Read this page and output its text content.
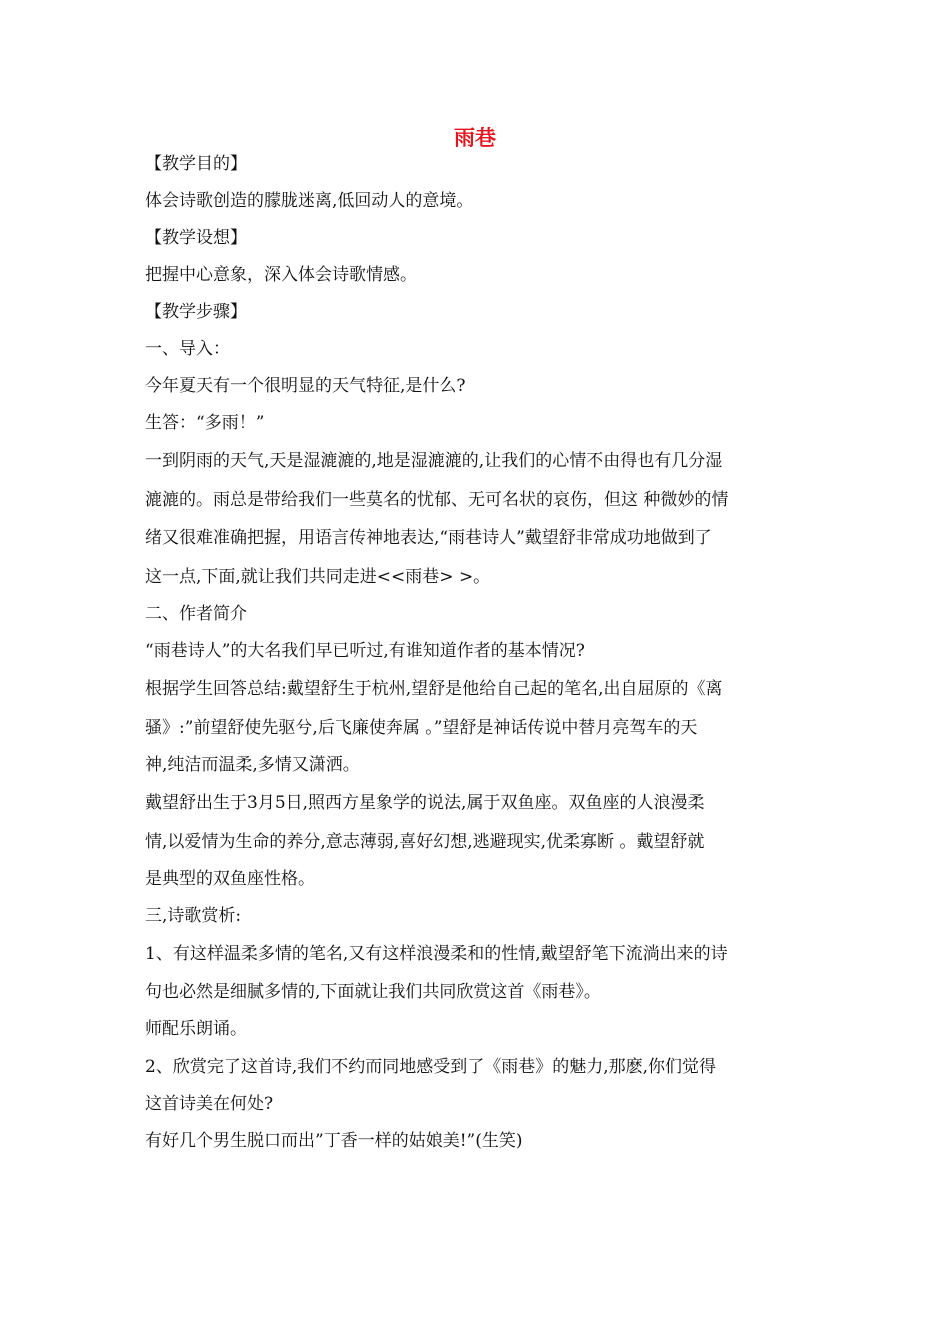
雨巷
【教学目的】
体会诗歌创造的朦胧迷离,低回动人的意境。
【教学设想】
把握中心意象，深入体会诗歌情感。
【教学步骤】
一、导入：
今年夏天有一个很明显的天气特征,是什么?
生答：“多雨！”
一到阴雨的天气,天是湿漉漉的,地是湿漉漉的,让我们的心情不由得也有几分湿
漉漉的。雨总是带给我们一些莫名的忧郁、无可名状的哀伤，但这 种微妙的情
绪又很难准确把握，用语言传神地表达,“雨巷诗人”戴望舒非常成功地做到了
这一点,下面,就让我们共同走进<<雨巷> >。
二、作者简介
“雨巷诗人”的大名我们早已听过,有谁知道作者的基本情况?
根据学生回答总结:戴望舒生于杭州,望舒是他给自己起的笔名,出自屈原的《离
骚》:”前望舒使先驱兮,后飞廉使奔属 。”望舒是神话传说中替月亮驾车的天
神,纯洁而温柔,多情又潇洒。
戴望舒出生于3月5日,照西方星象学的说法,属于双鱼座。双鱼座的人浪漫柔
情,以爱情为生命的养分,意志薄弱,喜好幻想,逃避现实,优柔寡断 。戴望舒就
是典型的双鱼座性格。
三,诗歌赏析:
1、有这样温柔多情的笔名,又有这样浪漫柔和的性情,戴望舒笔下流淌出来的诗
句也必然是细腻多情的,下面就让我们共同欣赏这首《雨巷》。
师配乐朗诵。
2、欣赏完了这首诗,我们不约而同地感受到了《雨巷》的魅力,那麽,你们觉得
这首诗美在何处?
有好几个男生脱口而出”丁香一样的姑娘美!”(生笑)
